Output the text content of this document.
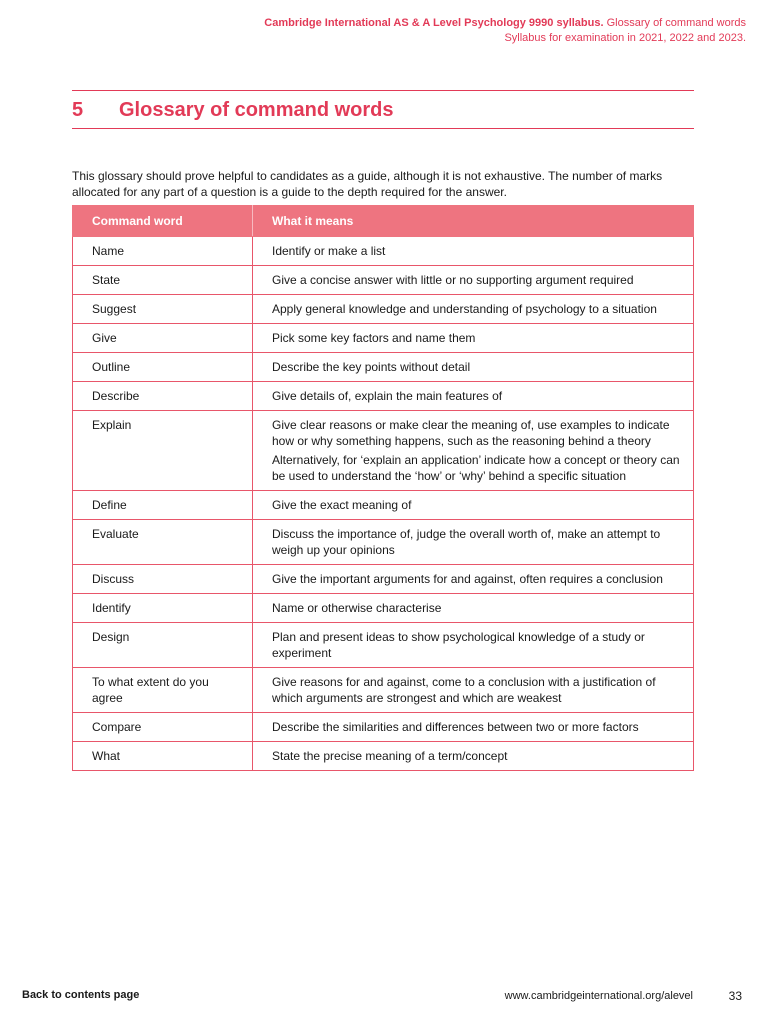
Cambridge International AS & A Level Psychology 9990 syllabus. Glossary of command words
Syllabus for examination in 2021, 2022 and 2023.
5 Glossary of command words

This glossary should prove helpful to candidates as a guide, although it is not exhaustive. The number of marks allocated for any part of a question is a guide to the depth required for the answer.

Command word	What it means
Name	Identify or make a list

State	Give a concise answer with little or no supporting argument required

Suggest	Apply general knowledge and understanding of psychology to a situation

Give	Pick some key factors and name them

Outline	Describe the key points without detail

Describe	Give details of, explain the main features of

Explain	Give clear reasons or make clear the meaning of, use examples to indicate how or why something happens, such as the reasoning behind a theory

Alternatively, for ‘explain an application’ indicate how a concept or theory can be used to understand the ‘how’ or ‘why’ behind a specific situation

Define	Give the exact meaning of

Evaluate	Discuss the importance of, judge the overall worth of, make an attempt to weigh up your opinions

Discuss	Give the important arguments for and against, often requires a conclusion

Identify	Name or otherwise characterise

Design	Plan and present ideas to show psychological knowledge of a study or experiment

To what extent do you agree	Give reasons for and against, come to a conclusion with a justification of which arguments are strongest and which are weakest

Compare	Describe the similarities and differences between two or more factors

What	State the precise meaning of a term/concept

Back to contents page	www.cambridgeinternational.org/alevel	33
